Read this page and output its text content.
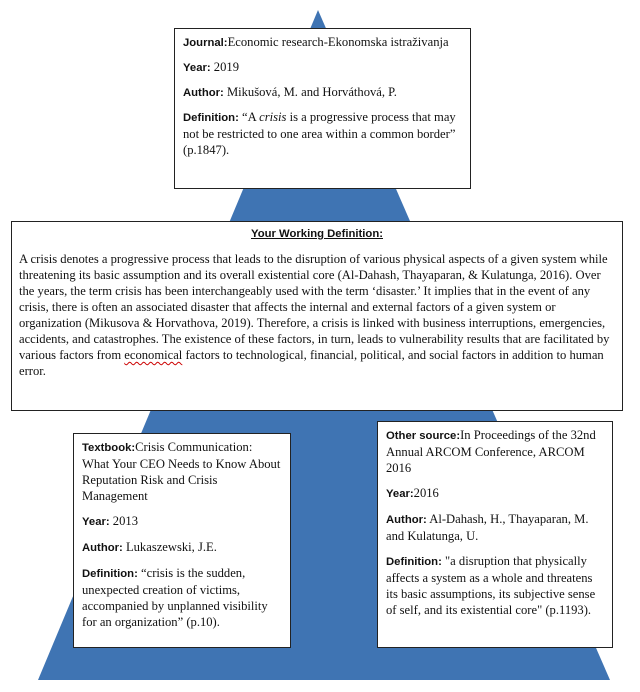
Journal:Economic research-Ekonomska istraživanja
Year: 2019
Author: Mikušová, M. and Horváthová, P.
Definition: “A crisis is a progressive process that may not be restricted to one area within a common border” (p.1847).
Your Working Definition:

A crisis denotes a progressive process that leads to the disruption of various physical aspects of a given system while threatening its basic assumption and its overall existential core (Al-Dahash, Thayaparan, & Kulatunga, 2016). Over the years, the term crisis has been interchangeably used with the term ‘disaster.’ It implies that in the event of any crisis, there is often an associated disaster that affects the internal and external factors of a given system or organization (Mikusova & Horvathova, 2019). Therefore, a crisis is linked with business interruptions, emergencies, accidents, and catastrophes. The existence of these factors, in turn, leads to vulnerability results that are facilitated by various factors from economical factors to technological, financial, political, and social factors in addition to human error.

Textbook:Crisis Communication: What Your CEO Needs to Know About Reputation Risk and Crisis Management
Year: 2013
Author: Lukaszewski, J.E.
Definition: “crisis is the sudden, unexpected creation of victims, accompanied by unplanned visibility for an organization” (p.10).
Other source:In Proceedings of the 32nd Annual ARCOM Conference, ARCOM 2016
Year:2016
Author: Al-Dahash, H., Thayaparan, M. and Kulatunga, U.
Definition: "a disruption that physically affects a system as a whole and threatens its basic assumptions, its subjective sense of self, and its existential core" (p.1193).
